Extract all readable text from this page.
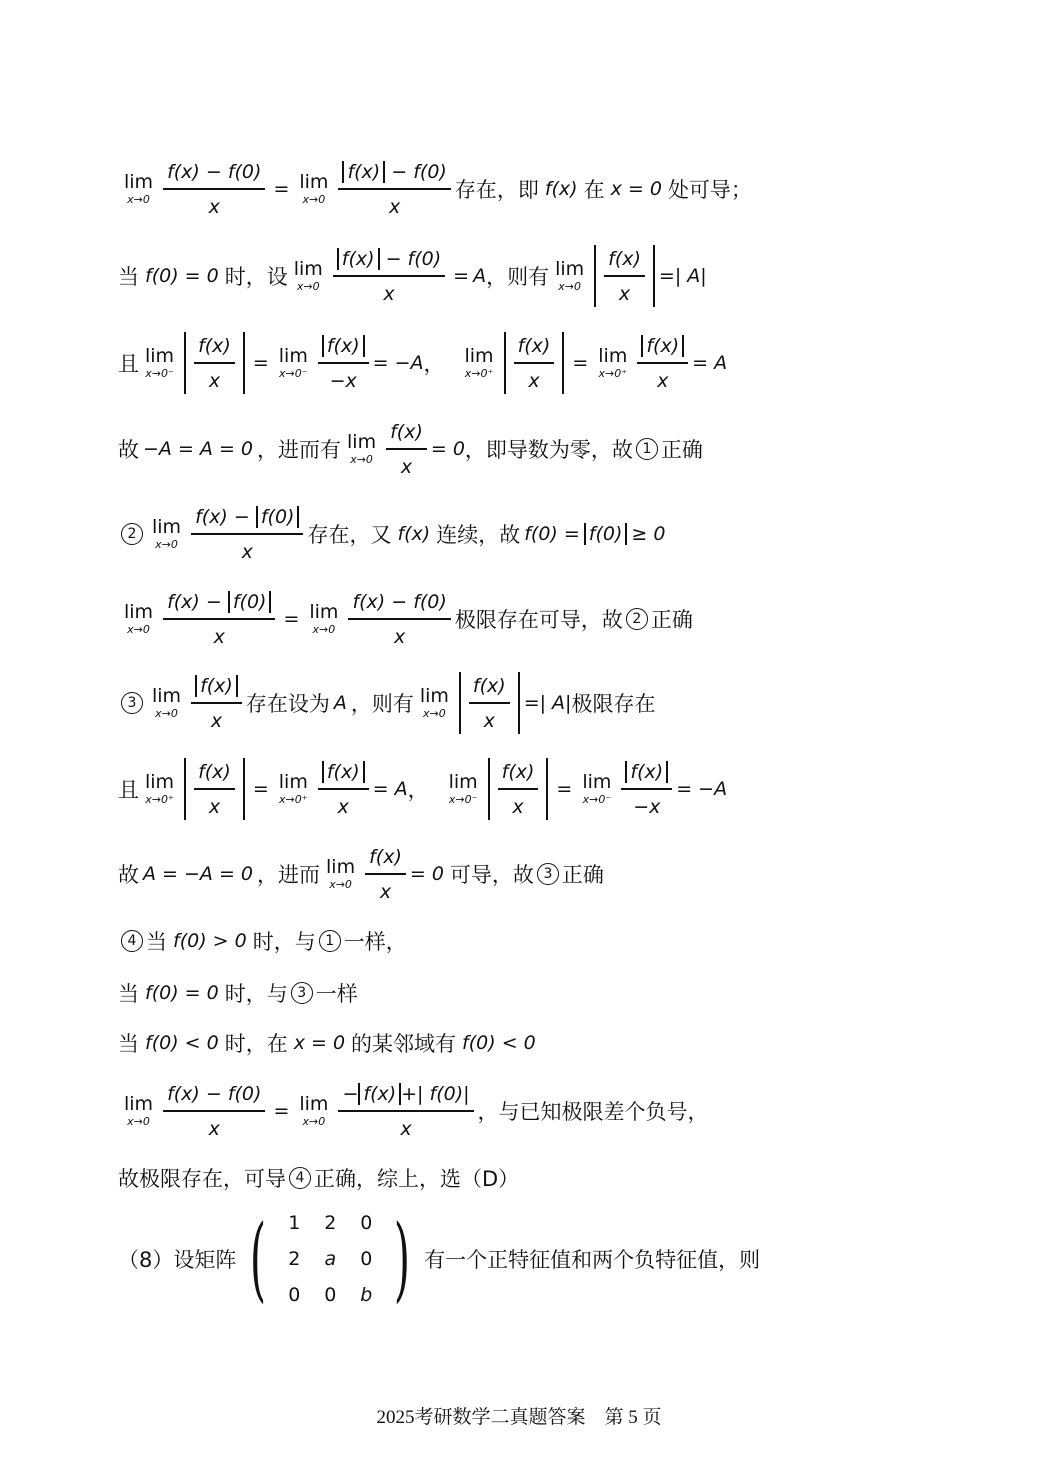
lim
$x\to 0 \frac{f(x) - f(0)}{x} = \lim$
$x\to 0 \frac{f(x) - f(0)}{x}$ 存在，即 f(x) 在 x = 0 处可导；
当 f(0) = 0 时，设 lim
$x\to 0 \frac{f(x) - f(0)}{x} = A$ ，则有 lim
$x\to 0 \frac{f(x)}{x}$ =| A|
且 lim
$x\to 0^- \frac{f(x)}{x} = \lim$
$x\to 0^- \frac{f(x)}{-x} = -A$ ， lim
$x\to 0^+ \frac{f(x)}{x} = \lim$
$x\to 0^+ \frac{f(x)}{x} = A$
故 −A = A = 0 ，进而有 lim
$x\to 0 \frac{f(x)}{x} = 0$ ，即导数为零，故 1 正确
2 lim
$x\to 0 \frac{f(x) - f(0)}{x}$ 存在，又 f(x) 连续，故 f(0) = f(0) ≥ 0
lim
$x\to 0 \frac{f(x) - f(0)}{x} = \lim$
$x\to 0 \frac{f(x) - f(0)}{x}$ 极限存在可导，故 2 正确
3 lim
$x\to 0 \frac{f(x)}{x}$ 存在设为 A ，则有 lim
$x\to 0 \frac{f(x)}{x}$ =| A| 极限存在
且 lim
$x\to 0^+ \frac{f(x)}{x} = \lim$
$x\to 0^+ \frac{f(x)}{x} = A$ ， lim
$x\to 0^- \frac{f(x)}{x} = \lim$
$x\to 0^- \frac{f(x)}{-x} = -A$
故 A = −A = 0 ，进而 lim
$x\to 0 \frac{f(x)}{x} = 0$ 可导，故 3 正确
4 当 f(0) > 0 时，与 1 一样，
当 f(0) = 0 时，与 3 一样
当 f(0) < 0 时，在 x = 0 的某邻域有 f(0) < 0
lim
$x\to 0 \frac{f(x) - f(0)}{x} = \lim$
$x\to 0 \frac{- f(x) +| f(0)|}{x}$ ，与已知极限差个负号，
故极限存在，可导 4 正确，综上，选（D）
（8）设矩阵 (	1	2	0
2	a	0
0	0	b ) 有一个正特征值和两个负特征值，则
2025考研数学二真题答案　第 5 页
